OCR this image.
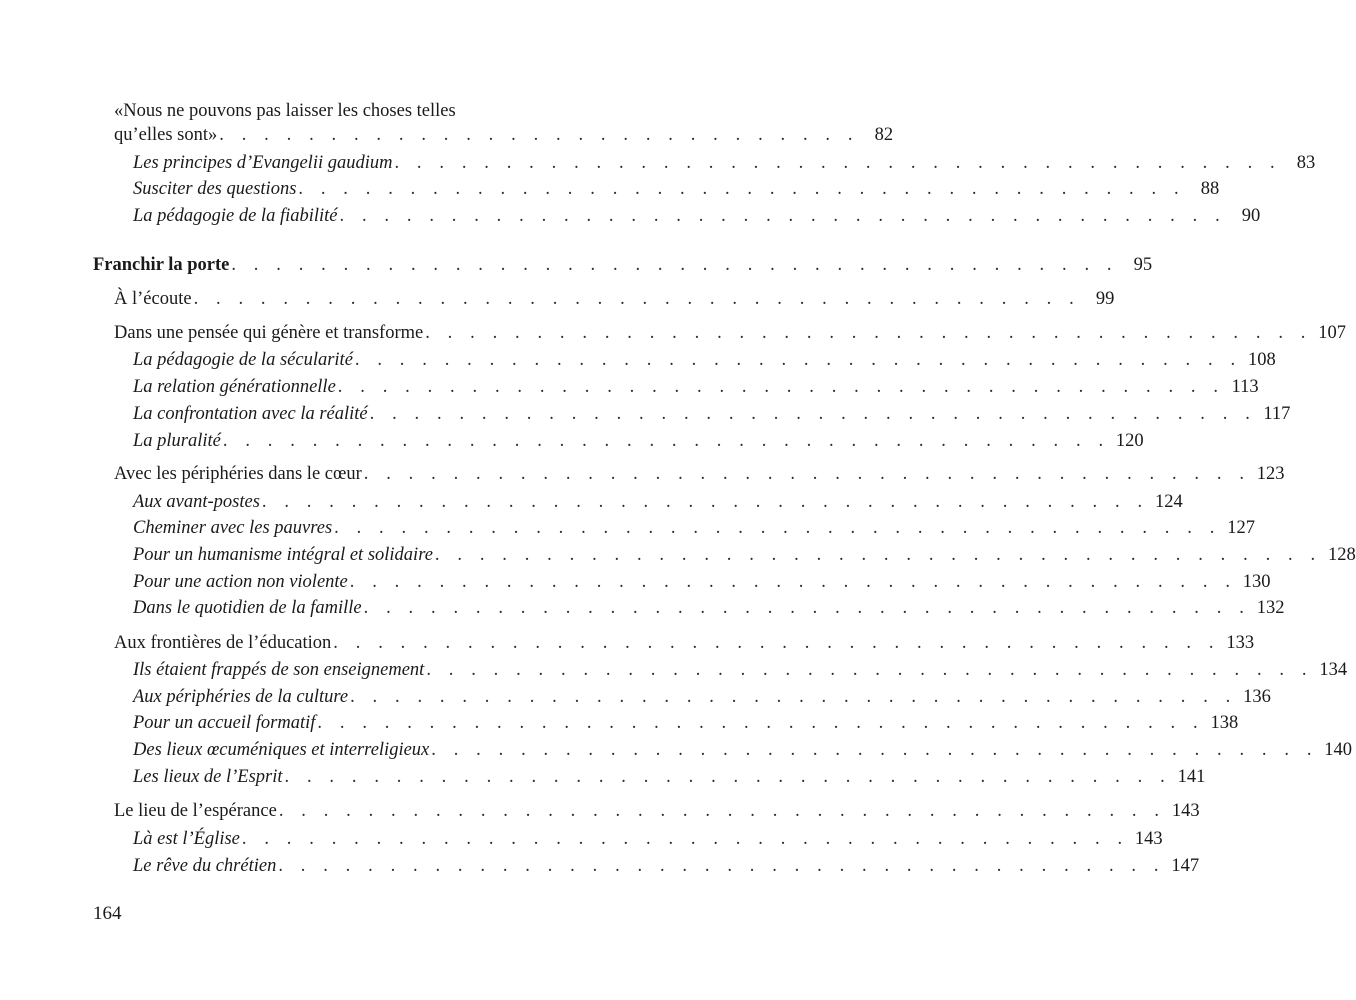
«Nous ne pouvons pas laisser les choses telles
qu’elles sont» . . . . . . . . . . . . . . . . . . . . . . . . . . . . . 82
Les principes d’Evangelii gaudium . . . . . . . . . . . . . . . . . . . . . . . . . . . . . . . . . . . . . . . . 83
Susciter des questions . . . . . . . . . . . . . . . . . . . . . . . . . . . . . . . . . . . . . . . . 88
La pédagogie de la fiabilité . . . . . . . . . . . . . . . . . . . . . . . . . . . . . . . . . . . . . . . . 90
Franchir la porte . . . . . . . . . . . . . . . . . . . . . . . . . . . . . . . . . . . . . . . . 95
À l’écoute . . . . . . . . . . . . . . . . . . . . . . . . . . . . . . . . . . . . . . . . 99
Dans une pensée qui génère et transforme . . . . . . . . . . . . . . . . . . . . . . . . . . . . . . . . . . . . . . . . 107
La pédagogie de la sécularité . . . . . . . . . . . . . . . . . . . . . . . . . . . . . . . . . . . . . . . . 108
La relation générationnelle . . . . . . . . . . . . . . . . . . . . . . . . . . . . . . . . . . . . . . . . 113
La confrontation avec la réalité . . . . . . . . . . . . . . . . . . . . . . . . . . . . . . . . . . . . . . . . 117
La pluralité . . . . . . . . . . . . . . . . . . . . . . . . . . . . . . . . . . . . . . . . 120
Avec les périphéries dans le cœur . . . . . . . . . . . . . . . . . . . . . . . . . . . . . . . . . . . . . . . . 123
Aux avant-postes . . . . . . . . . . . . . . . . . . . . . . . . . . . . . . . . . . . . . . . . 124
Cheminer avec les pauvres . . . . . . . . . . . . . . . . . . . . . . . . . . . . . . . . . . . . . . . . 127
Pour un humanisme intégral et solidaire . . . . . . . . . . . . . . . . . . . . . . . . . . . . . . . . . . . . . . . . 128
Pour une action non violente . . . . . . . . . . . . . . . . . . . . . . . . . . . . . . . . . . . . . . . . 130
Dans le quotidien de la famille . . . . . . . . . . . . . . . . . . . . . . . . . . . . . . . . . . . . . . . . 132
Aux frontières de l’éducation . . . . . . . . . . . . . . . . . . . . . . . . . . . . . . . . . . . . . . . . 133
Ils étaient frappés de son enseignement . . . . . . . . . . . . . . . . . . . . . . . . . . . . . . . . . . . . . . . . 134
Aux périphéries de la culture . . . . . . . . . . . . . . . . . . . . . . . . . . . . . . . . . . . . . . . . 136
Pour un accueil formatif . . . . . . . . . . . . . . . . . . . . . . . . . . . . . . . . . . . . . . . . 138
Des lieux œcuméniques et interreligieux . . . . . . . . . . . . . . . . . . . . . . . . . . . . . . . . . . . . . . . . 140
Les lieux de l’Esprit . . . . . . . . . . . . . . . . . . . . . . . . . . . . . . . . . . . . . . . . 141
Le lieu de l’espérance . . . . . . . . . . . . . . . . . . . . . . . . . . . . . . . . . . . . . . . . 143
Là est l’Église . . . . . . . . . . . . . . . . . . . . . . . . . . . . . . . . . . . . . . . . 143
Le rêve du chrétien . . . . . . . . . . . . . . . . . . . . . . . . . . . . . . . . . . . . . . . . 147
164
